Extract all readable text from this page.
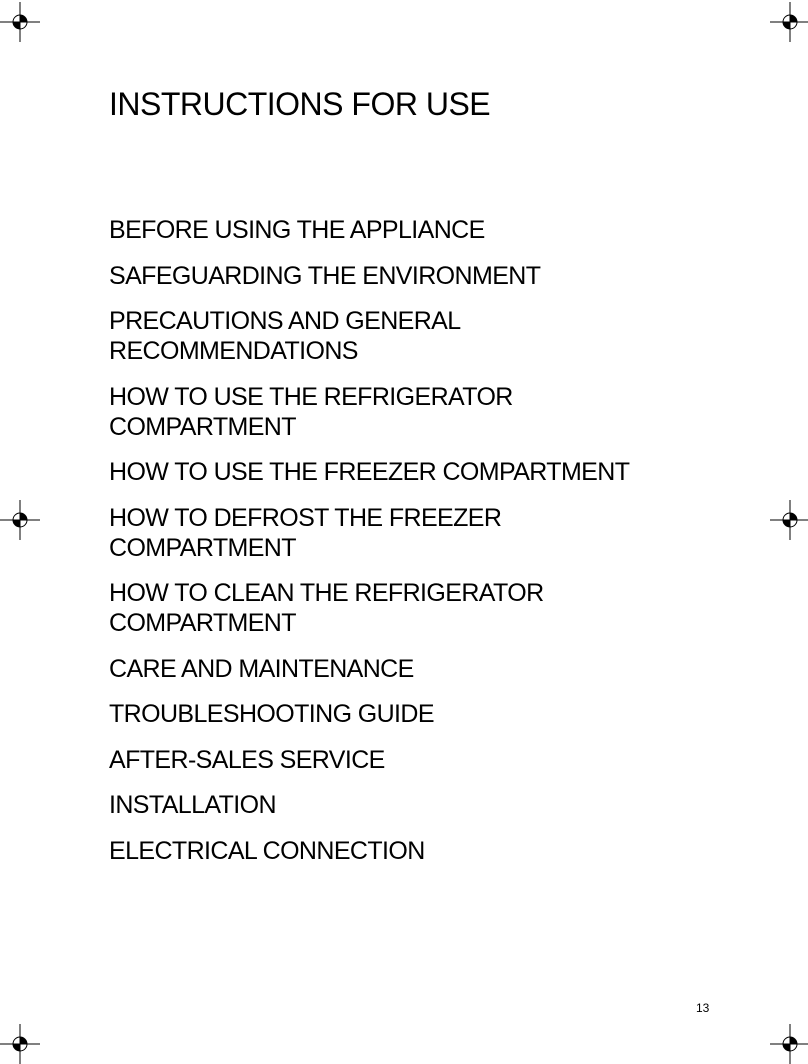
INSTRUCTIONS FOR USE
BEFORE USING THE APPLIANCE
SAFEGUARDING THE ENVIRONMENT
PRECAUTIONS AND GENERAL
RECOMMENDATIONS
HOW TO USE THE REFRIGERATOR
COMPARTMENT
HOW TO USE THE FREEZER COMPARTMENT
HOW TO DEFROST THE FREEZER
COMPARTMENT
HOW TO CLEAN THE REFRIGERATOR
COMPARTMENT
CARE AND MAINTENANCE
TROUBLESHOOTING GUIDE
AFTER-SALES SERVICE
INSTALLATION
ELECTRICAL CONNECTION
13
